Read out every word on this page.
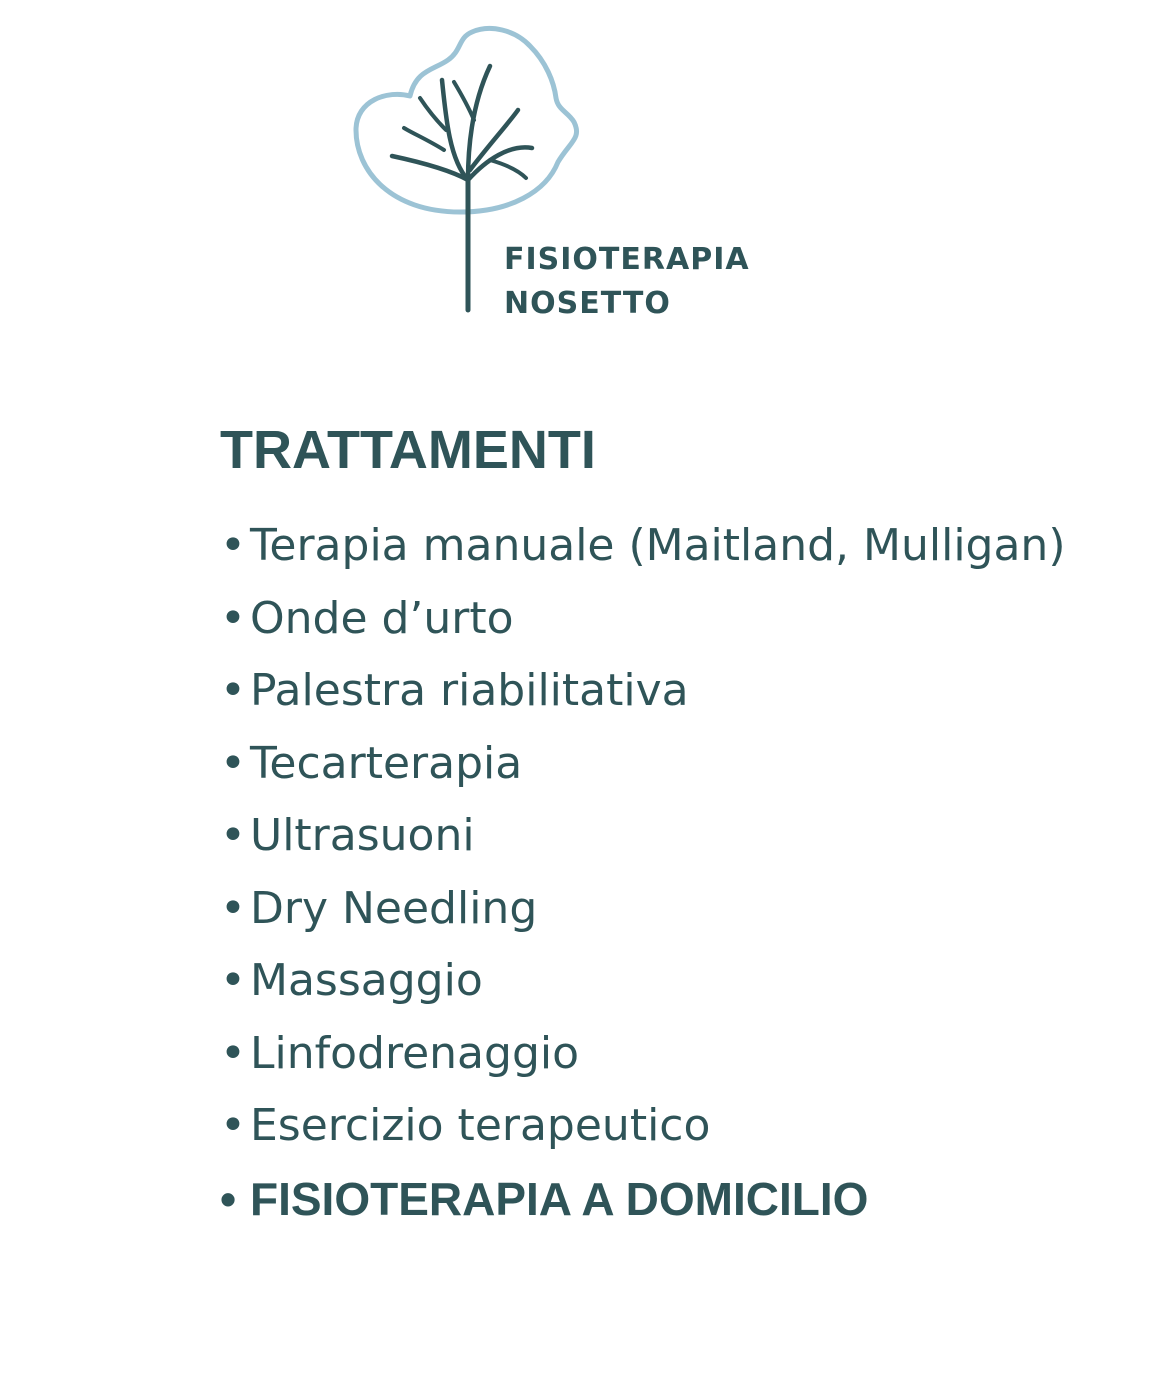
FISIOTERAPIA
NOSETTO
TRATTAMENTI
•Terapia manuale (Maitland, Mulligan)
•Onde d’urto
•Palestra riabilitativa
•Tecarterapia
•Ultrasuoni
•Dry Needling
•Massaggio
•Linfodrenaggio
•Esercizio terapeutico
• FISIOTERAPIA A DOMICILIO
